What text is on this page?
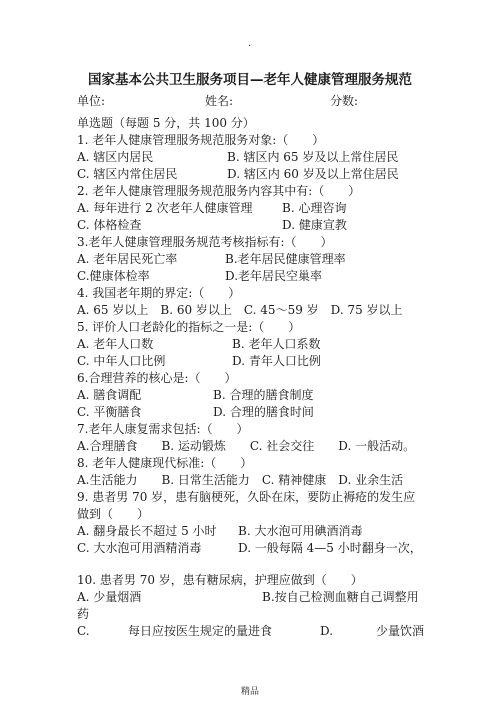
.
国家基本公共卫生服务项目—老年人健康管理服务规范
单位:	姓名:	分数:
单选题（每题 5 分，共 100 分）
1. 老年人健康管理服务规范服务对象:（　　）
A. 辖区内居民	B. 辖区内 65 岁及以上常住居民
C. 辖区内常住居民	D. 辖区内 60 岁及以上常住居民
2. 老年人健康管理服务规范服务内容其中有:（　　）
A. 每年进行 2 次老年人健康管理 B. 心理咨询
C. 体格检查	D. 健康宣教
3.老年人健康管理服务规范考核指标有:（　　）
A. 老年居民死亡率	B.老年居民健康管理率
C.健康体检率	D.老年居民空巢率
4. 我国老年期的界定:（　　）
A. 65 岁以上　B. 60 岁以上　C. 45～59 岁　D. 75 岁以上
5. 评价人口老龄化的指标之一是:（　　）
A. 老年人口数	B. 老年人口系数
C. 中年人口比例	D. 青年人口比例
6.合理营养的核心是:（　　）
A. 膳食调配	B. 合理的膳食制度
C. 平衡膳食	D. 合理的膳食时间
7.老年人康复需求包括:（　　）
A.合理膳食　　B. 运动锻炼　　C. 社会交往　　D. 一般活动。
8. 老年人健康现代标准:（　　）
A.生活能力　　B. 日常生活能力　C. 精神健康　D. 业余生活
9. 患者男 70 岁，患有脑梗死，久卧在床，要防止褥疮的发生应
做到（　　）
A. 翻身最长不超过 5 小时 B. 大水泡可用碘酒消毒
C. 大水泡可用酒精消毒	D. 一般每隔 4—5 小时翻身一次，
10. 患者男 70 岁，患有糖尿病，护理应做到（　　）
A. 少量烟酒	B.按自己检测血糖自己调整用
药
C.	每日应按医生规定的量进食	D.	少量饮酒
精品
